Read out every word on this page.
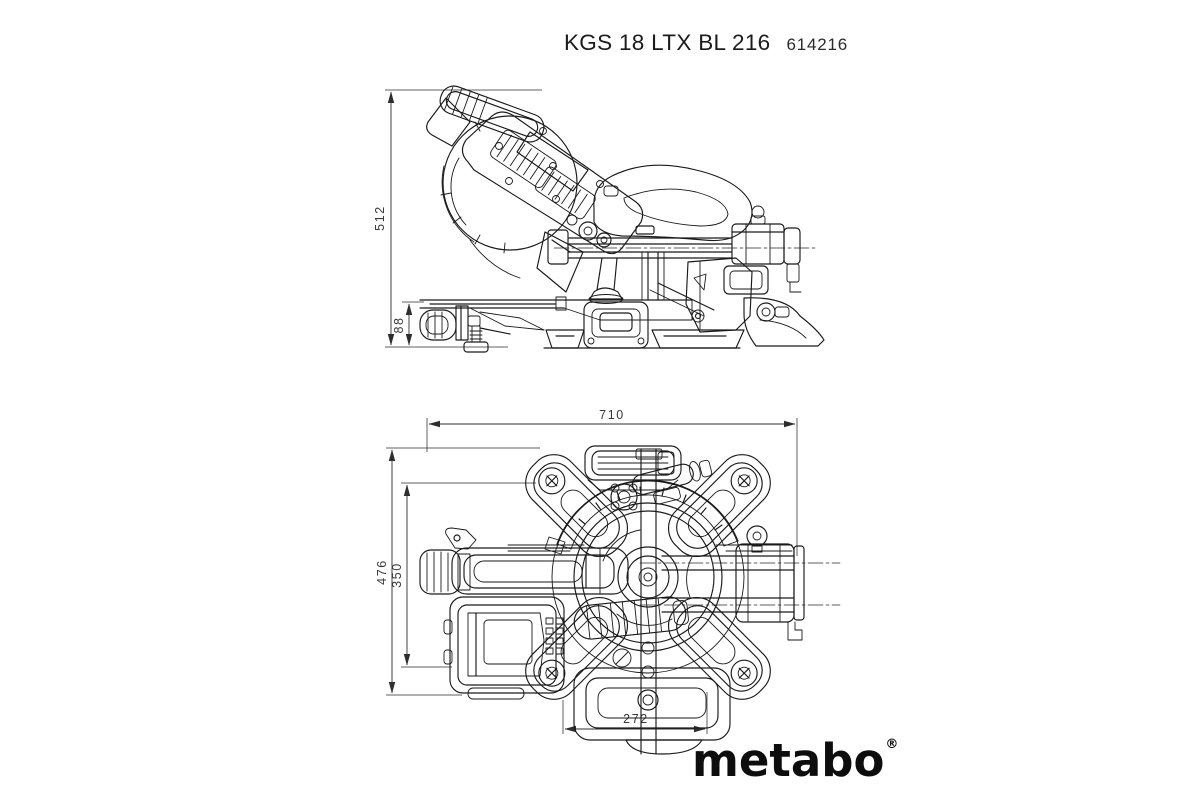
KGS 18 LTX BL 216 614216
512
88
710
476 350
272
metabo®
